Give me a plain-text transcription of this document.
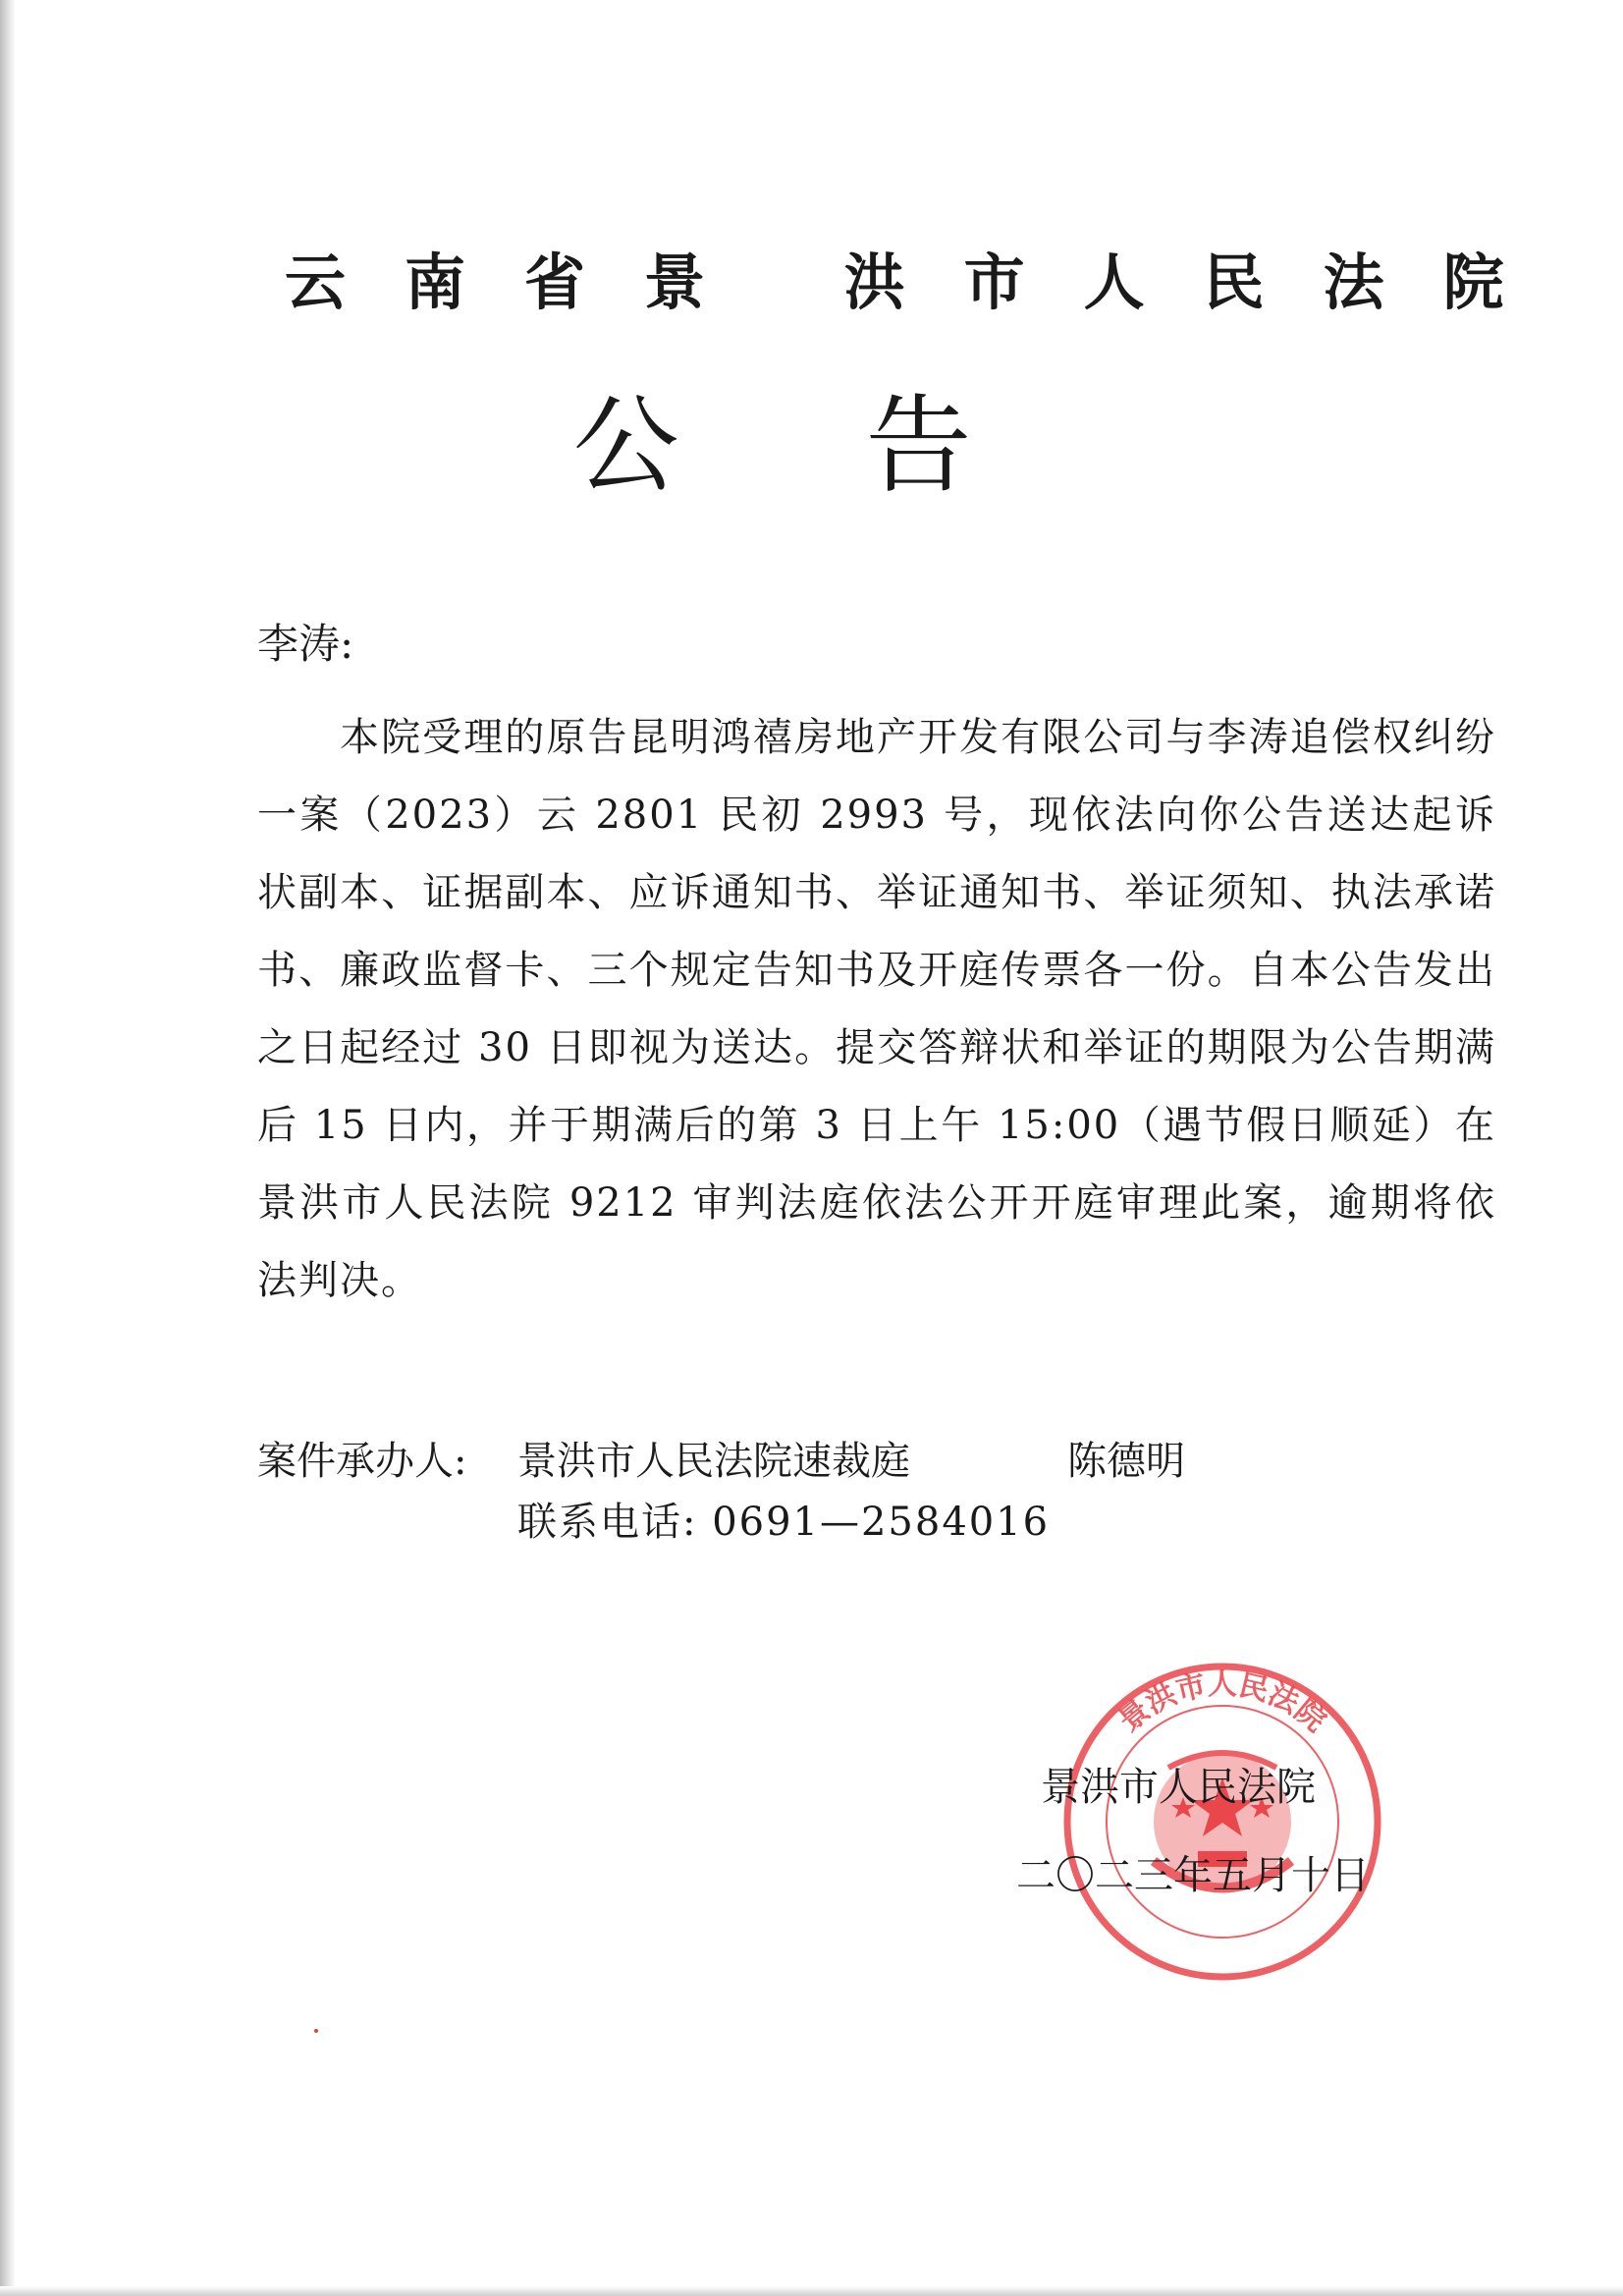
云南省景 洪市人民法院
公告
李涛:
本院受理的原告昆明鸿禧房地产开发有限公司与李涛追偿权纠纷一案（2023）云 2801 民初 2993 号，现依法向你公告送达起诉状副本、证据副本、应诉通知书、举证通知书、举证须知、执法承诺书、廉政监督卡、三个规定告知书及开庭传票各一份。自本公告发出之日起经过 30 日即视为送达。提交答辩状和举证的期限为公告期满后 15 日内，并于期满后的第 3 日上午 15:00（遇节假日顺延）在景洪市人民法院 9212 审判法庭依法公开开庭审理此案，逾期将依法判决。
案件承办人: 景洪市人民法院速裁庭	陈德明
联系电话: 0691—2584016
景洪市人民法院
景洪市人民法院
二〇二三年五月十日
